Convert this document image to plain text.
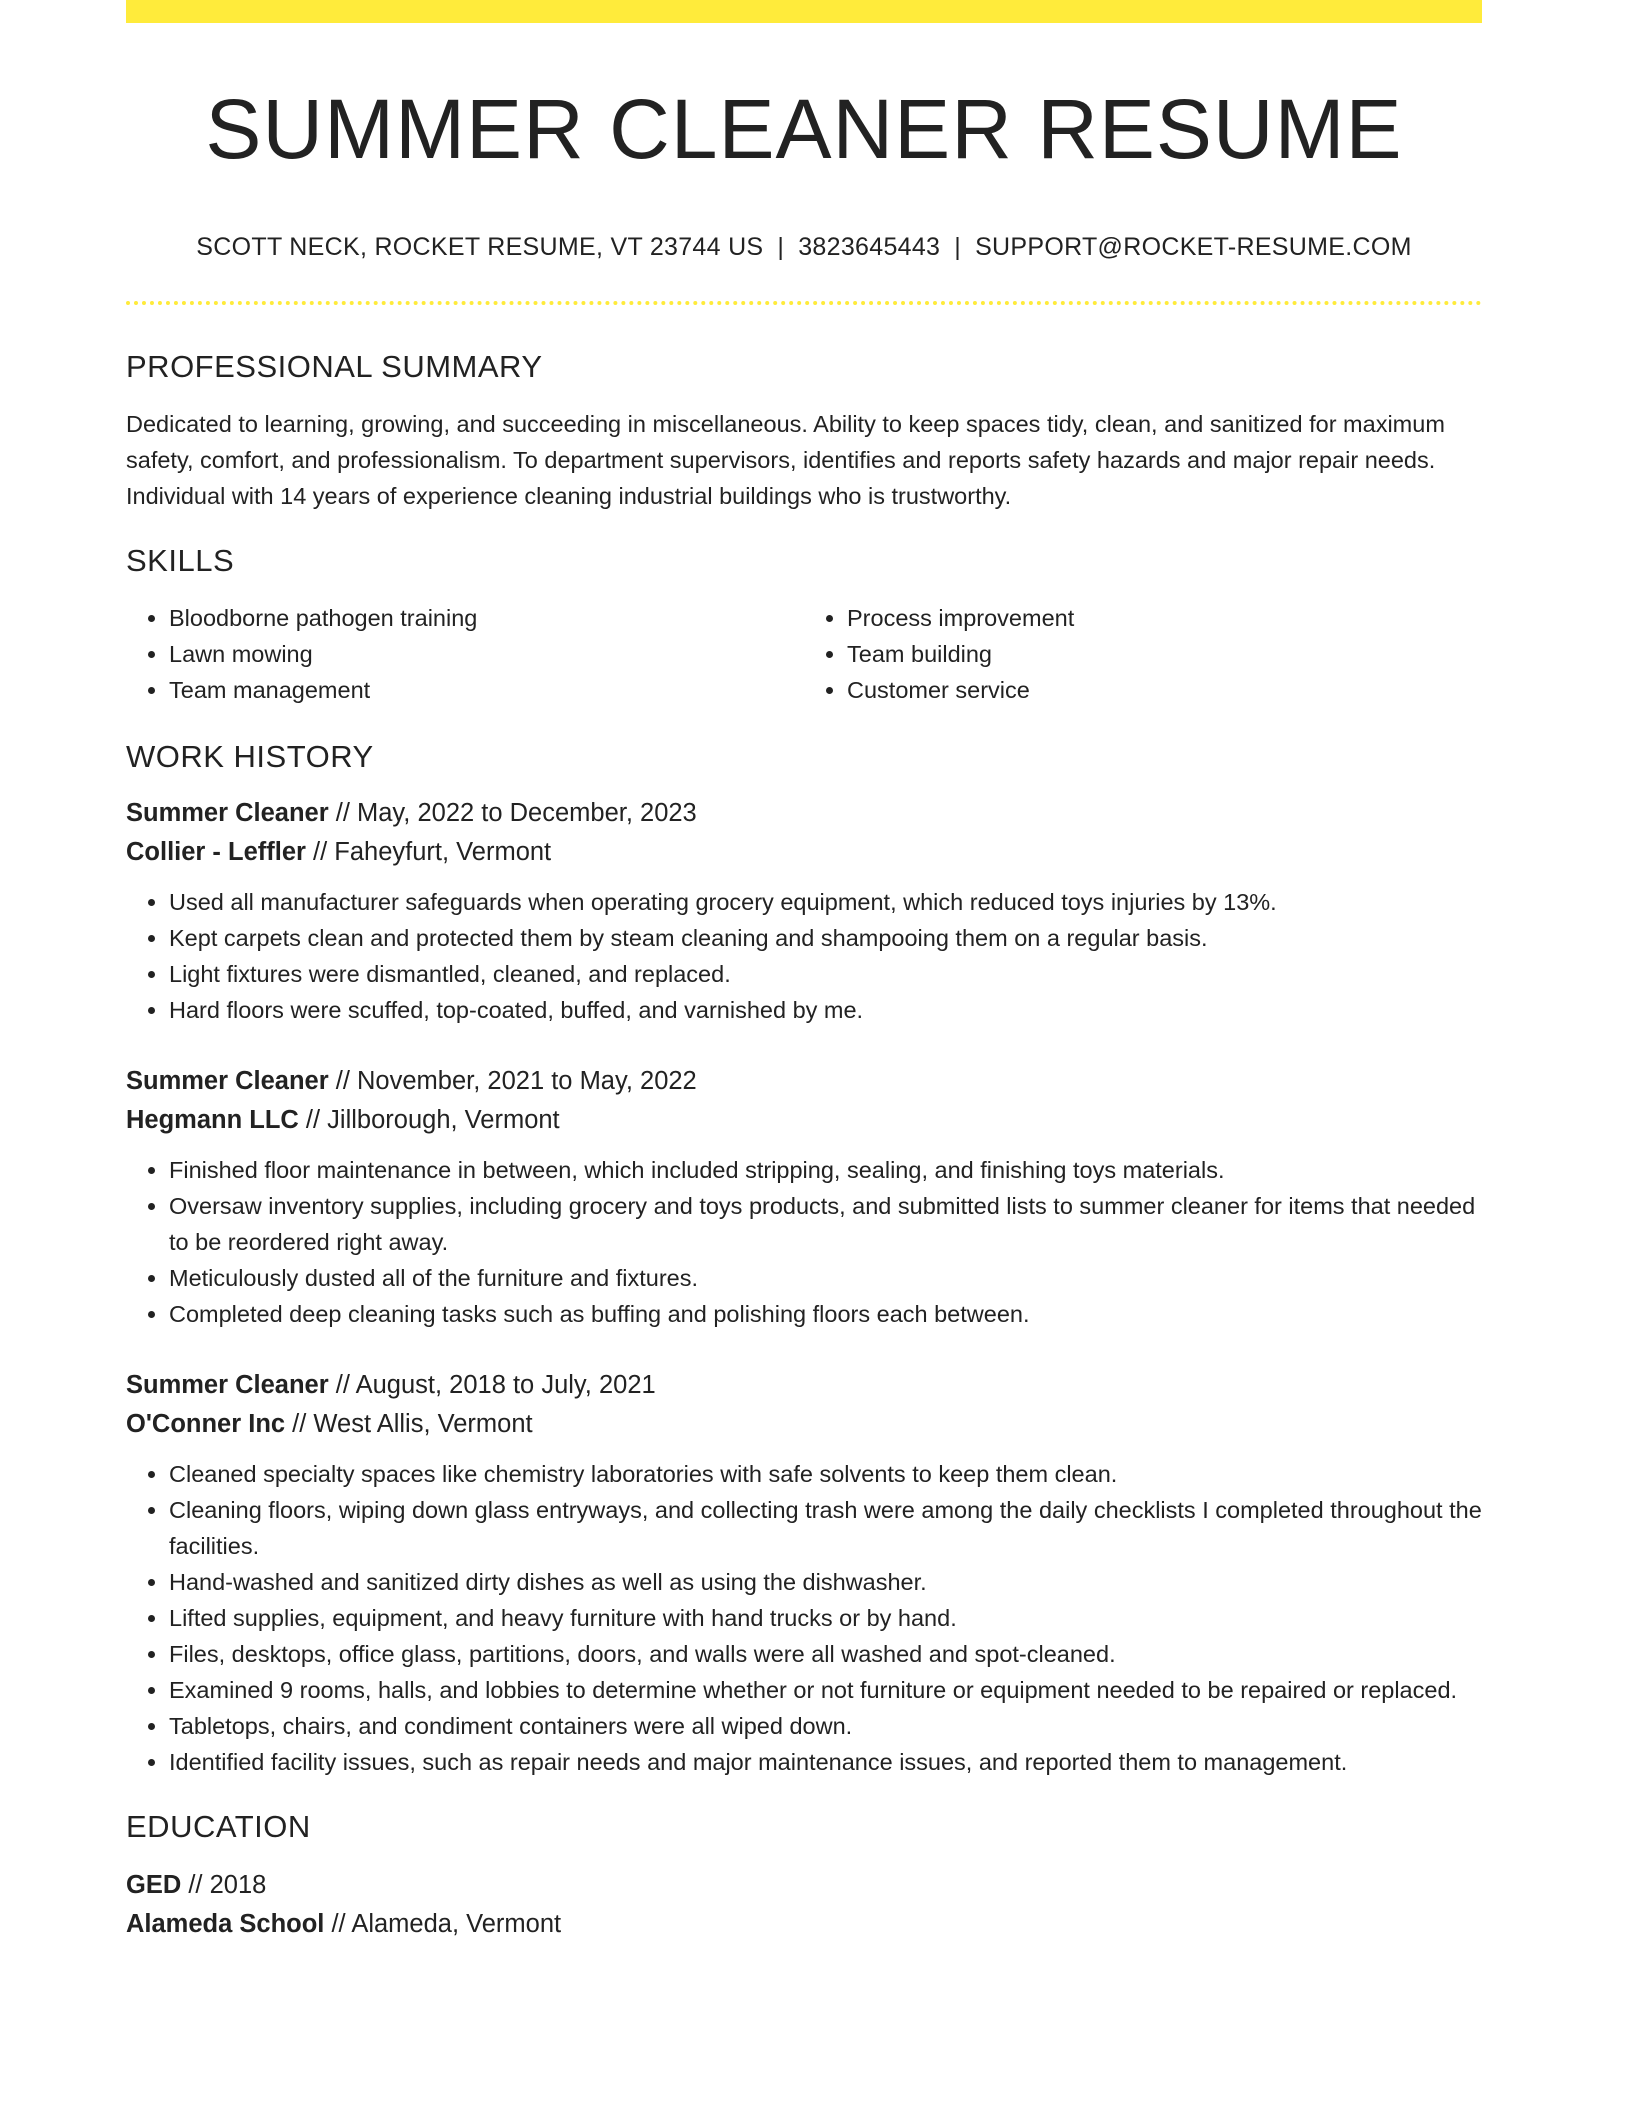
SUMMER CLEANER RESUME
SCOTT NECK, ROCKET RESUME, VT 23744 US | 3823645443 | SUPPORT@ROCKET-RESUME.COM
PROFESSIONAL SUMMARY
Dedicated to learning, growing, and succeeding in miscellaneous. Ability to keep spaces tidy, clean, and sanitized for maximum safety, comfort, and professionalism. To department supervisors, identifies and reports safety hazards and major repair needs. Individual with 14 years of experience cleaning industrial buildings who is trustworthy.
SKILLS
• Bloodborne pathogen training
• Lawn mowing
• Team management
• Process improvement
• Team building
• Customer service
WORK HISTORY
Summer Cleaner // May, 2022 to December, 2023
Collier - Leffler // Faheyfurt, Vermont
• Used all manufacturer safeguards when operating grocery equipment, which reduced toys injuries by 13%.
• Kept carpets clean and protected them by steam cleaning and shampooing them on a regular basis.
• Light fixtures were dismantled, cleaned, and replaced.
• Hard floors were scuffed, top-coated, buffed, and varnished by me.
Summer Cleaner // November, 2021 to May, 2022
Hegmann LLC // Jillborough, Vermont
• Finished floor maintenance in between, which included stripping, sealing, and finishing toys materials.
• Oversaw inventory supplies, including grocery and toys products, and submitted lists to summer cleaner for items that needed to be reordered right away.
• Meticulously dusted all of the furniture and fixtures.
• Completed deep cleaning tasks such as buffing and polishing floors each between.
Summer Cleaner // August, 2018 to July, 2021
O'Conner Inc // West Allis, Vermont
• Cleaned specialty spaces like chemistry laboratories with safe solvents to keep them clean.
• Cleaning floors, wiping down glass entryways, and collecting trash were among the daily checklists I completed throughout the facilities.
• Hand-washed and sanitized dirty dishes as well as using the dishwasher.
• Lifted supplies, equipment, and heavy furniture with hand trucks or by hand.
• Files, desktops, office glass, partitions, doors, and walls were all washed and spot-cleaned.
• Examined 9 rooms, halls, and lobbies to determine whether or not furniture or equipment needed to be repaired or replaced.
• Tabletops, chairs, and condiment containers were all wiped down.
• Identified facility issues, such as repair needs and major maintenance issues, and reported them to management.
EDUCATION
GED // 2018
Alameda School // Alameda, Vermont
